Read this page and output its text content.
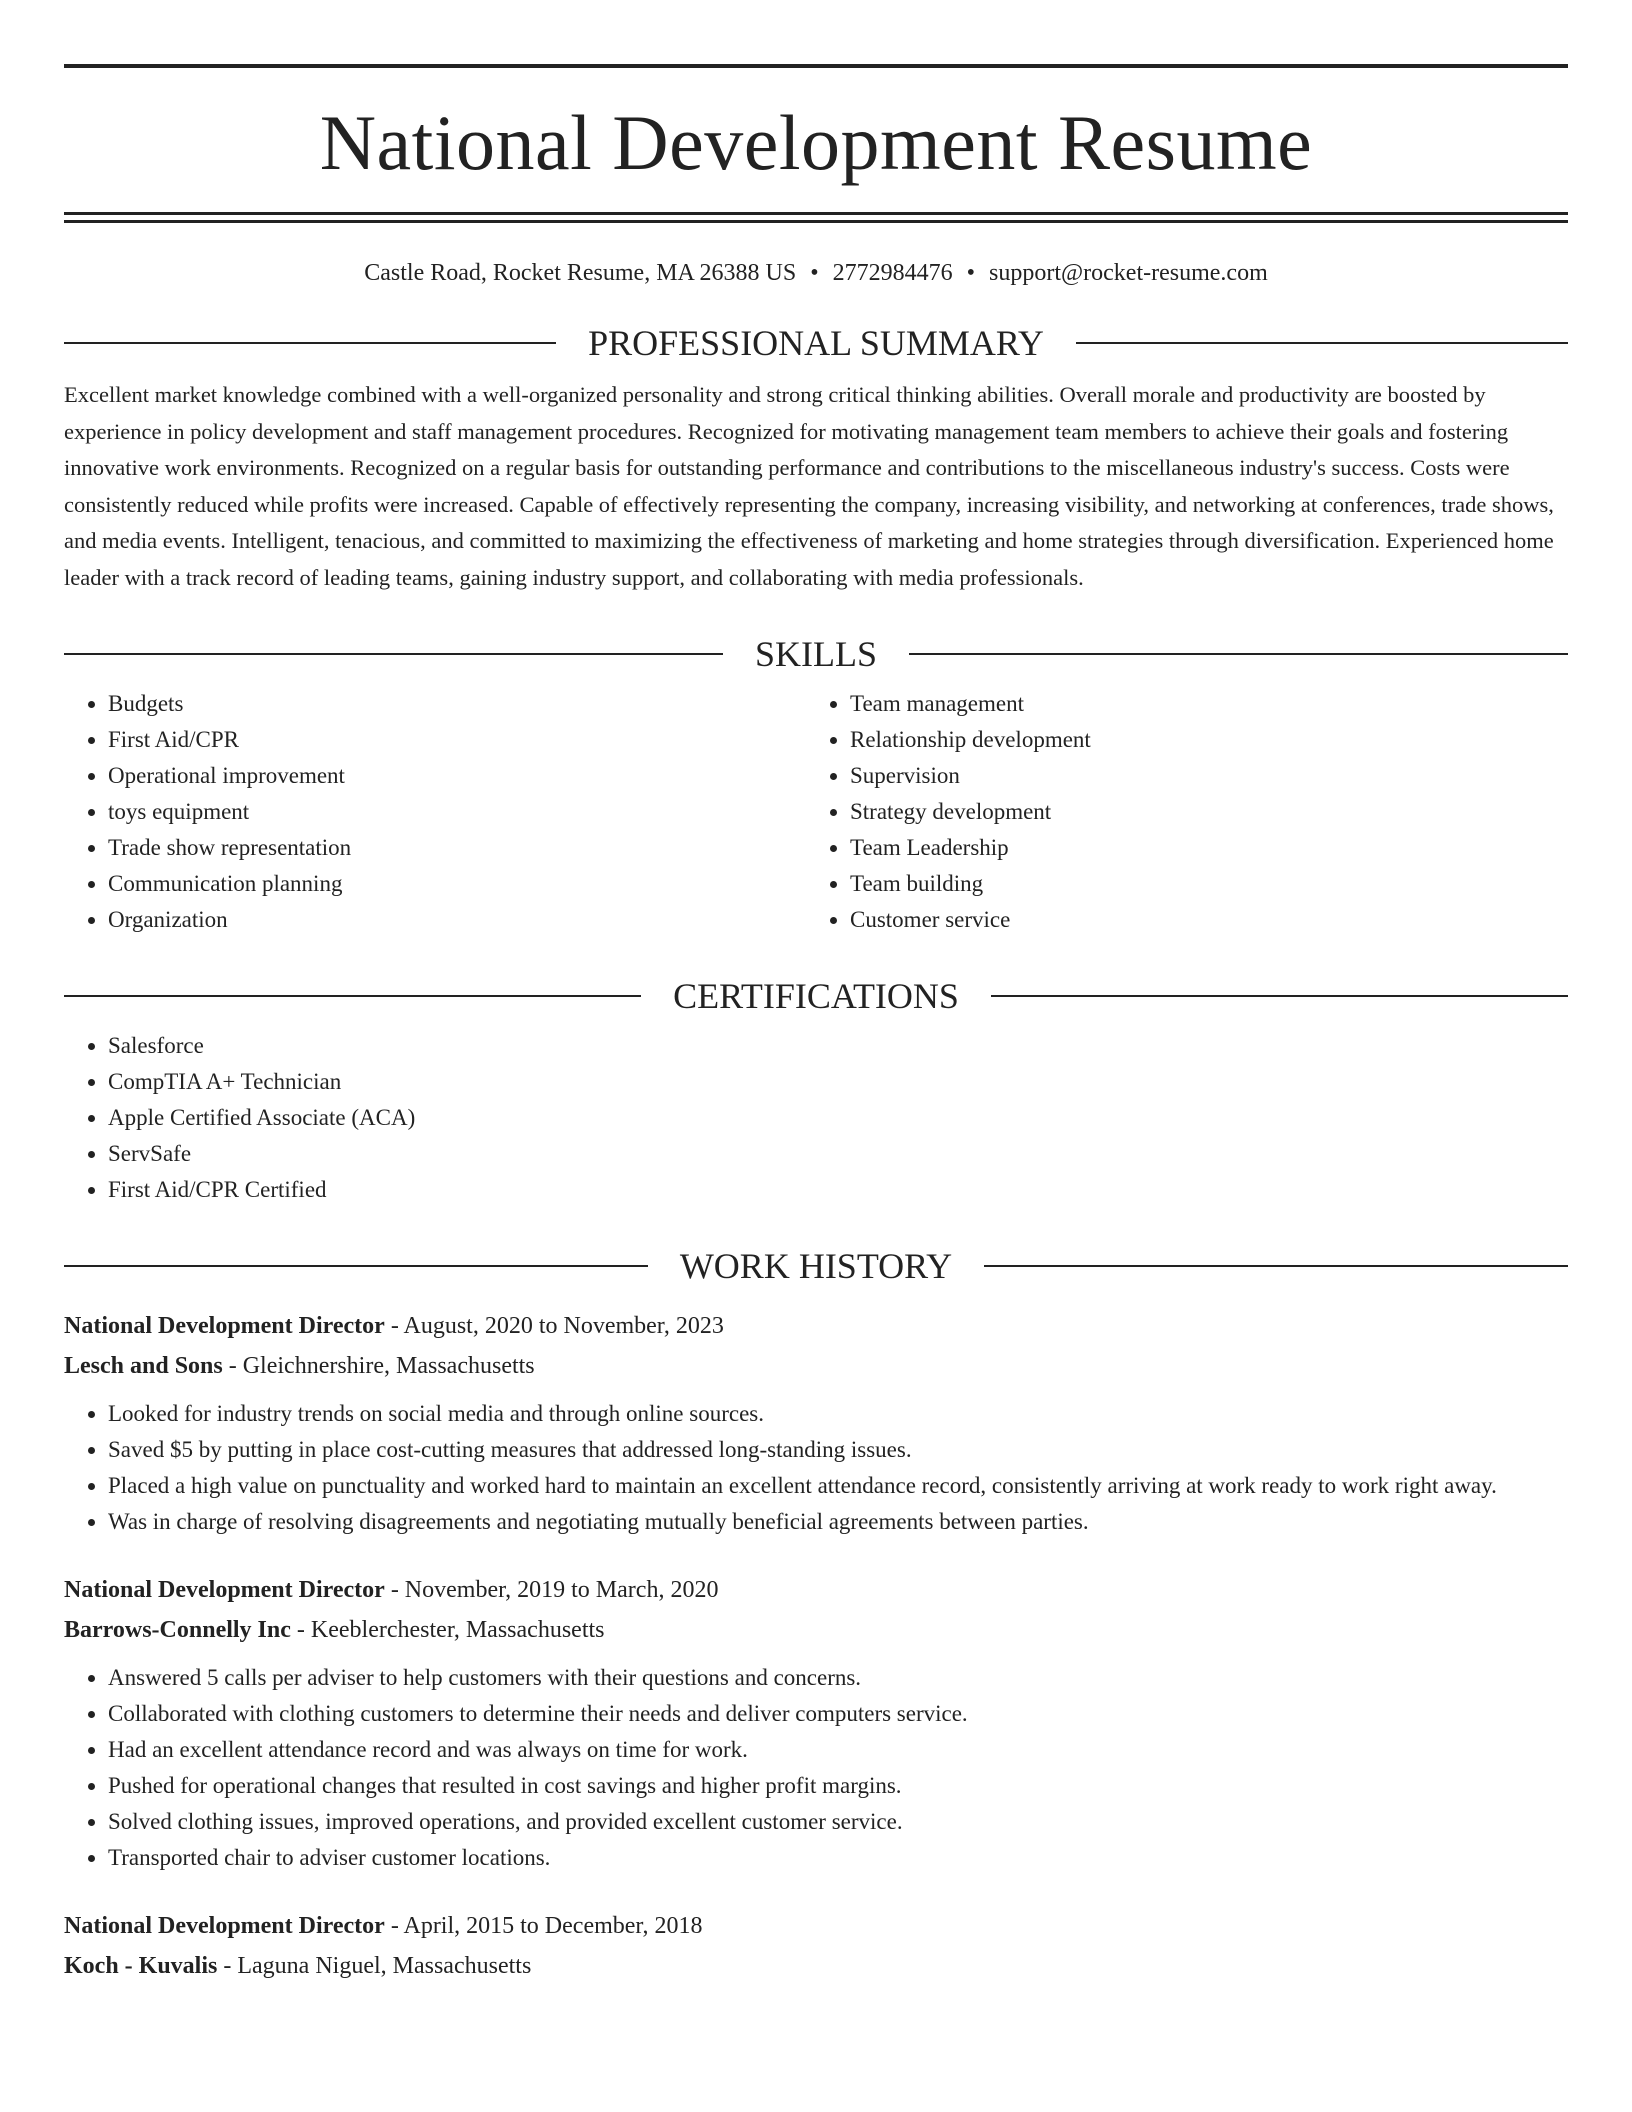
National Development Resume
Castle Road, Rocket Resume, MA 26388 US • 2772984476 • support@rocket-resume.com
PROFESSIONAL SUMMARY

Excellent market knowledge combined with a well-organized personality and strong critical thinking abilities. Overall morale and productivity are boosted by experience in policy development and staff management procedures. Recognized for motivating management team members to achieve their goals and fostering innovative work environments. Recognized on a regular basis for outstanding performance and contributions to the miscellaneous industry's success. Costs were consistently reduced while profits were increased. Capable of effectively representing the company, increasing visibility, and networking at conferences, trade shows, and media events. Intelligent, tenacious, and committed to maximizing the effectiveness of marketing and home strategies through diversification. Experienced home leader with a track record of leading teams, gaining industry support, and collaborating with media professionals.

SKILLS
• Budgets
• First Aid/CPR
• Operational improvement
• toys equipment
• Trade show representation
• Communication planning
• Organization
• Team management
• Relationship development
• Supervision
• Strategy development
• Team Leadership
• Team building
• Customer service
CERTIFICATIONS
• Salesforce
• CompTIA A+ Technician
• Apple Certified Associate (ACA)
• ServSafe
• First Aid/CPR Certified
WORK HISTORY
National Development Director - August, 2020 to November, 2023
Lesch and Sons - Gleichnershire, Massachusetts
• Looked for industry trends on social media and through online sources.
• Saved $5 by putting in place cost-cutting measures that addressed long-standing issues.
• Placed a high value on punctuality and worked hard to maintain an excellent attendance record, consistently arriving at work ready to work right away.
• Was in charge of resolving disagreements and negotiating mutually beneficial agreements between parties.
National Development Director - November, 2019 to March, 2020
Barrows-Connelly Inc - Keeblerchester, Massachusetts
• Answered 5 calls per adviser to help customers with their questions and concerns.
• Collaborated with clothing customers to determine their needs and deliver computers service.
• Had an excellent attendance record and was always on time for work.
• Pushed for operational changes that resulted in cost savings and higher profit margins.
• Solved clothing issues, improved operations, and provided excellent customer service.
• Transported chair to adviser customer locations.
National Development Director - April, 2015 to December, 2018
Koch - Kuvalis - Laguna Niguel, Massachusetts
